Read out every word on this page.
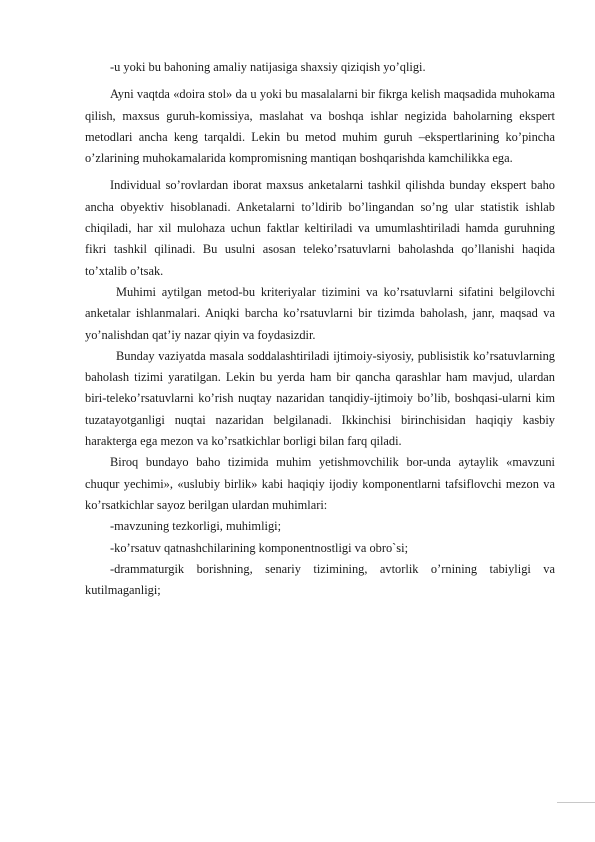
-u yoki bu bahoning amaliy natijasiga shaxsiy qiziqish yo’qligi.

Ayni vaqtda «doira stol» da u yoki bu masalalarni bir fikrga kelish maqsadida muhokama qilish, maxsus guruh-komissiya, maslahat va boshqa ishlar negizida baholarning ekspert metodlari ancha keng tarqaldi. Lekin bu metod muhim guruh –ekspertlarining ko’pincha o’zlarining muhokamalarida kompromisning mantiqan boshqarishda kamchilikka ega.

Individual so’rovlardan iborat maxsus anketalarni tashkil qilishda bunday ekspert baho ancha obyektiv hisoblanadi. Anketalarni to’ldirib bo’lingandan so’ng ular statistik ishlab chiqiladi, har xil mulohaza uchun faktlar keltiriladi va umumlashtiriladi hamda guruhning fikri tashkil qilinadi. Bu usulni asosan teleko’rsatuvlarni baholashda qo’llanishi haqida to’xtalib o’tsak.

Muhimi aytilgan metod-bu kriteriyalar tizimini va ko’rsatuvlarni sifatini belgilovchi anketalar ishlanmalari. Aniqki barcha ko’rsatuvlarni bir tizimda baholash, janr, maqsad va yo’nalishdan qat’iy nazar qiyin va foydasizdir.

Bunday vaziyatda masala soddalashtiriladi ijtimoiy-siyosiy, publisistik ko’rsatuvlarning baholash tizimi yaratilgan. Lekin bu yerda ham bir qancha qarashlar ham mavjud, ulardan biri-teleko’rsatuvlarni ko’rish nuqtay nazaridan tanqidiy-ijtimoiy bo’lib, boshqasi-ularni kim tuzatayotganligi nuqtai nazaridan belgilanadi. Ikkinchisi birinchisidan haqiqiy kasbiy harakterga ega mezon va ko’rsatkichlar borligi bilan farq qiladi.

Biroq bundayo baho tizimida muhim yetishmovchilik bor-unda aytaylik «mavzuni chuqur yechimi», «uslubiy birlik» kabi haqiqiy ijodiy komponentlarni tafsiflovchi mezon va ko’rsatkichlar sayoz berilgan ulardan muhimlari:

-mavzuning tezkorligi, muhimligi;

-ko’rsatuv qatnashchilarining komponentnostligi va obro`si;

-drammaturgik borishning, senariy tizimining, avtorlik o’rnining tabiyligi va kutilmaganligi;
